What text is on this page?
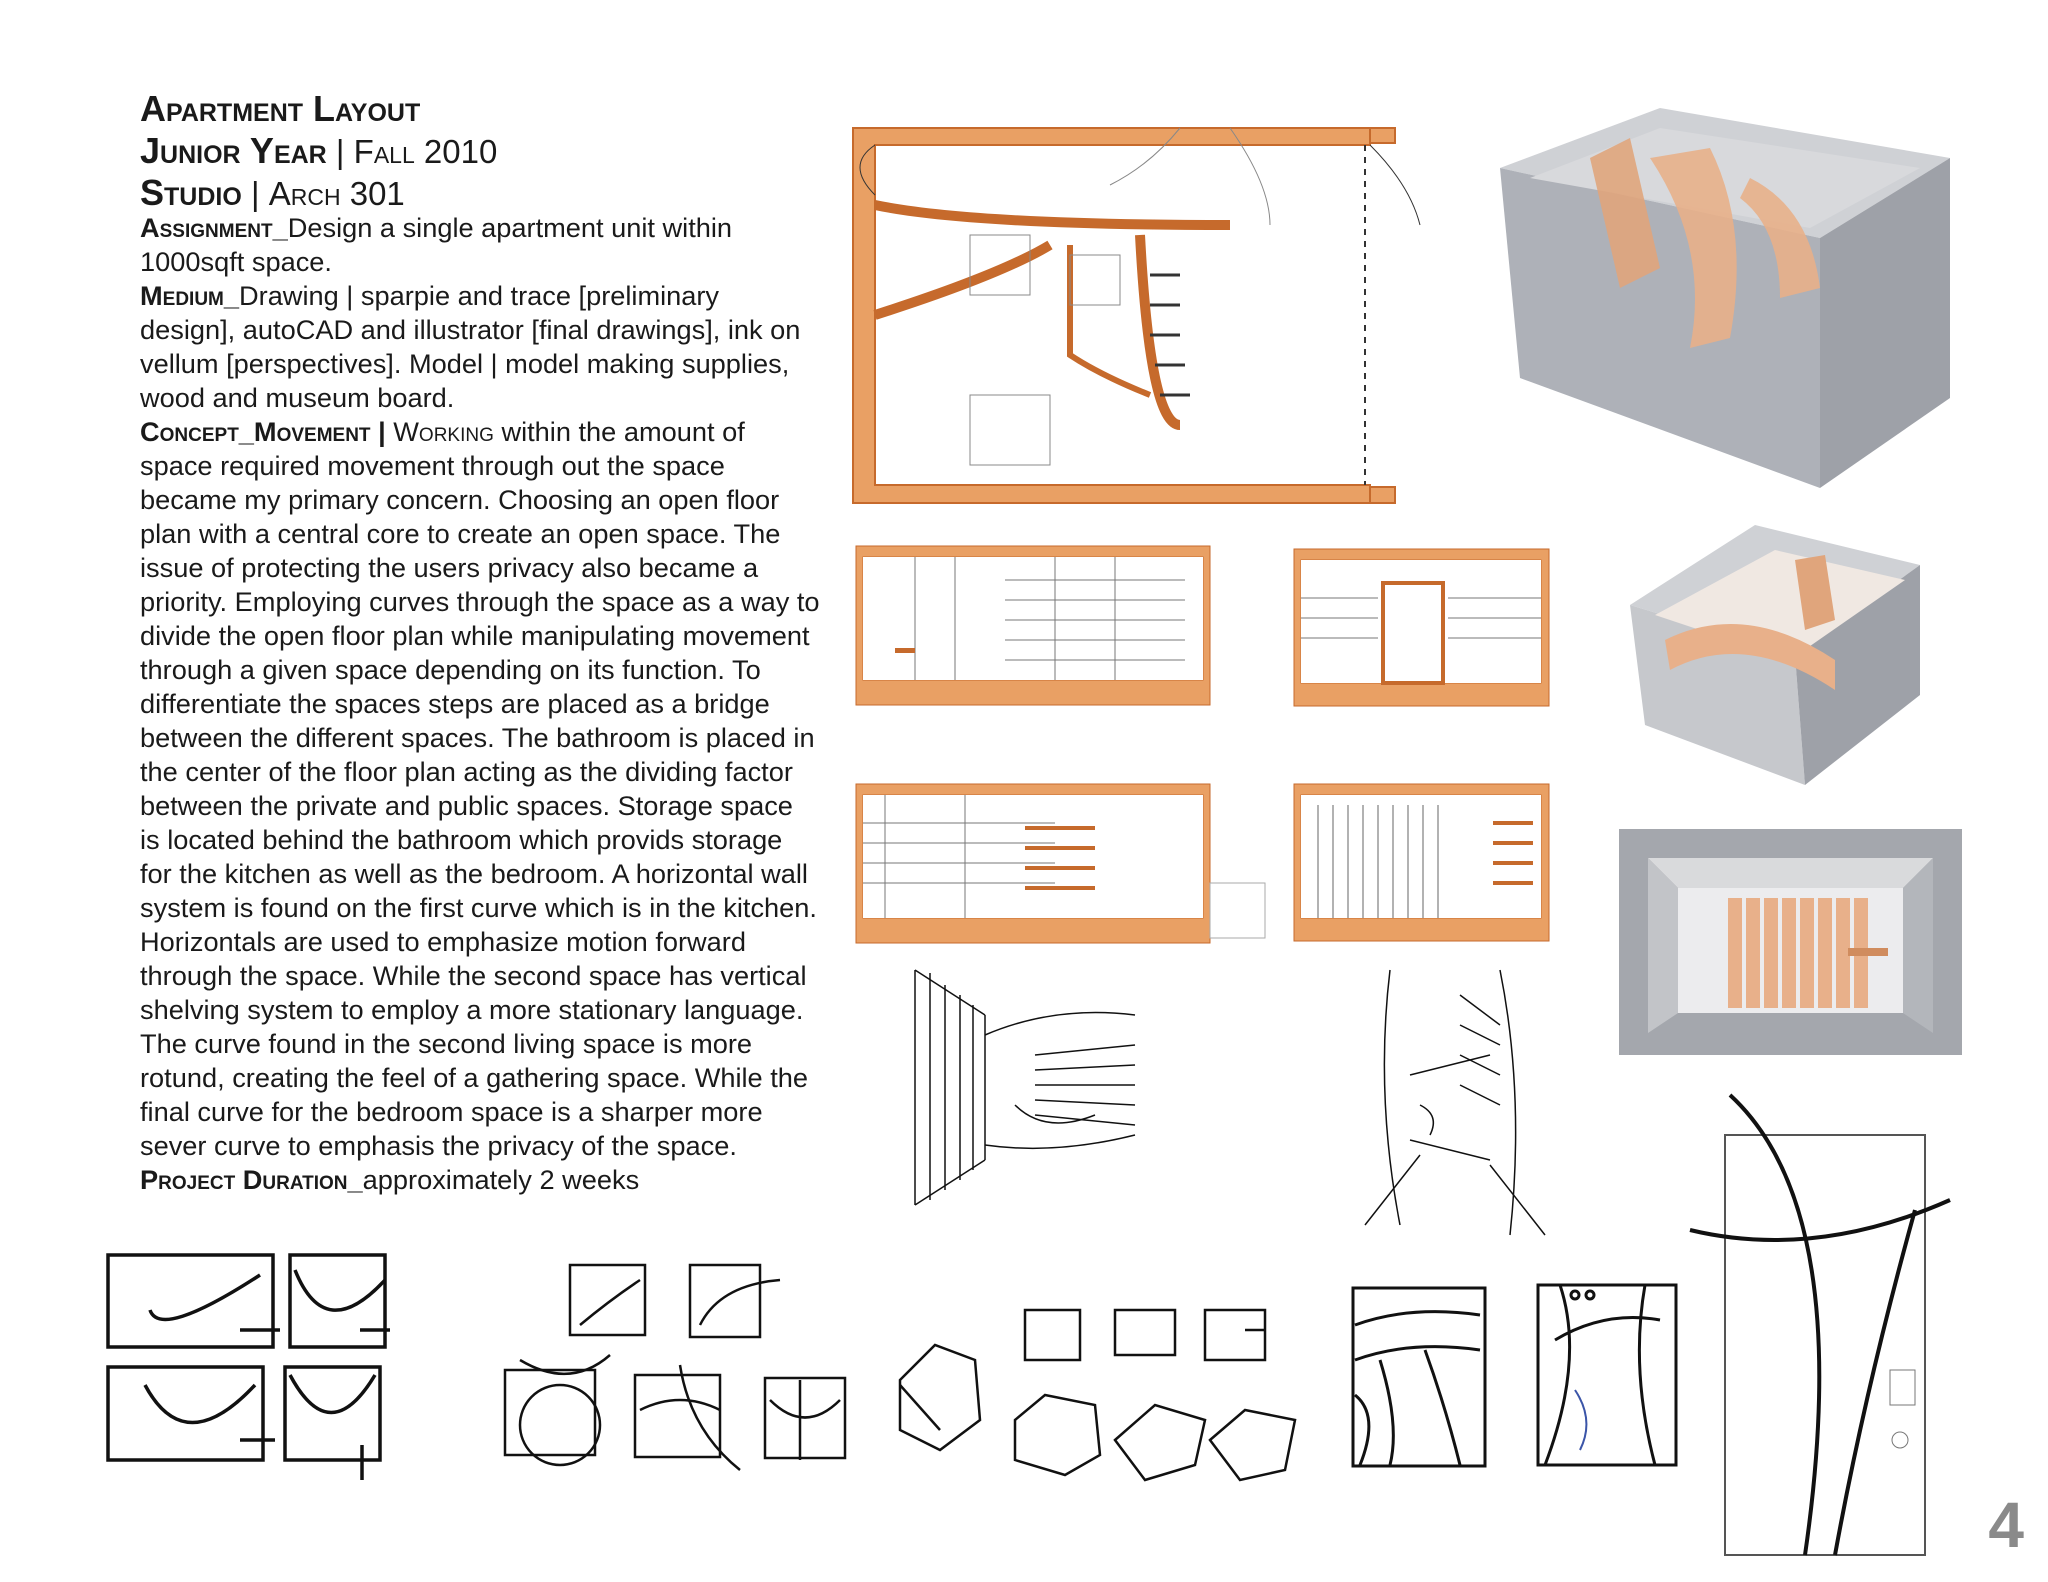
Apartment Layout

Junior Year | Fall 2010

Studio | Arch 301

Assignment_Design a single apartment unit within 1000sqft space.

Medium_Drawing | sparpie and trace [preliminary design], autoCAD and illustrator [final drawings], ink on vellum [perspectives]. Model | model making supplies, wood and museum board.

Concept_Movement | Working within the amount of space required movement through out the space became my primary concern. Choosing an open floor plan with a central core to create an open space. The issue of protecting the users privacy also became a priority. Employing curves through the space as a way to divide the open floor plan while manipulating movement through a given space depending on its function. To differentiate the spaces steps are placed as a bridge between the different spaces. The bathroom is placed in the center of the floor plan acting as the dividing factor between the private and public spaces. Storage space is located behind the bathroom which provids storage for the kitchen as well as the bedroom. A horizontal wall system is found on the first curve which is in the kitchen. Horizontals are used to emphasize motion forward through the space. While the second space has vertical shelving system to employ a more stationary language. The curve found in the second living space is more rotund, creating the feel of a gathering space. While the final curve for the bedroom space is a sharper more sever curve to emphasis the privacy of the space.

Project Duration_approximately 2 weeks

4
